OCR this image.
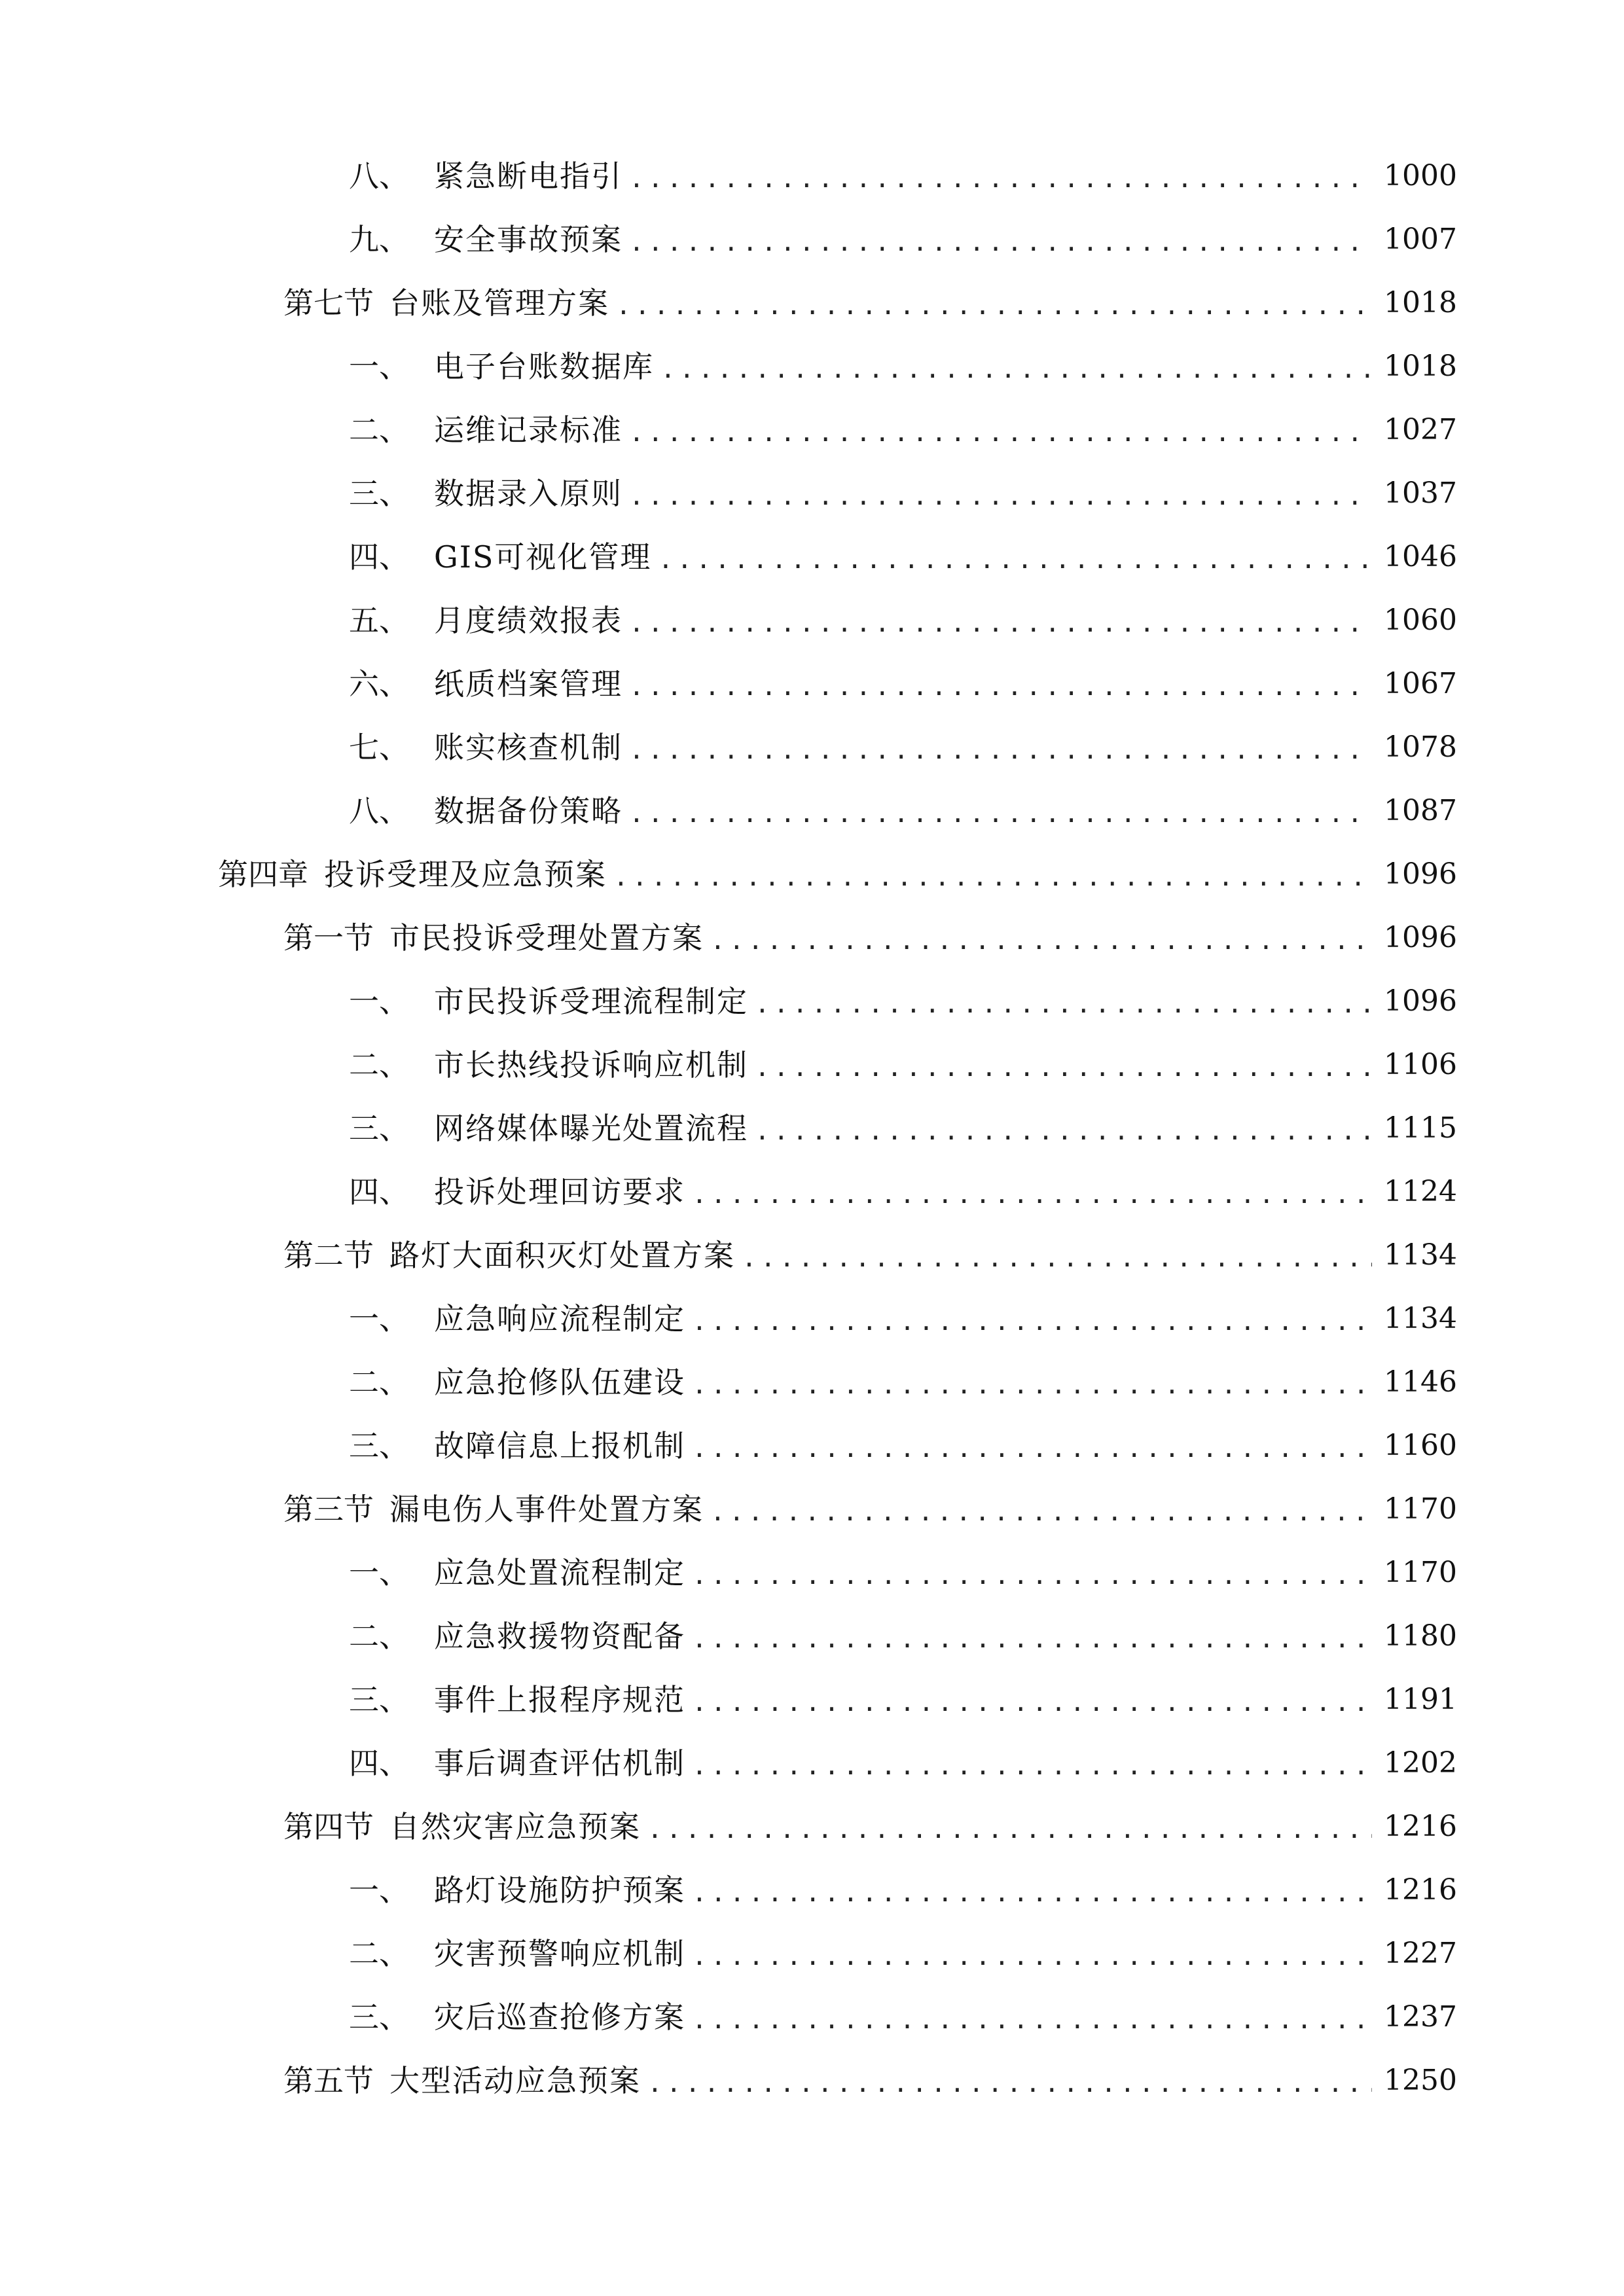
八、 紧急断电指引 .....	1000
九、 安全事故预案 .....	1007
第七节 台账及管理方案 .....	1018
一、 电子台账数据库 .....	1018
二、 运维记录标准 .....	1027
三、 数据录入原则 .....	1037
四、 GIS可视化管理 .....	1046
五、 月度绩效报表 .....	1060
六、 纸质档案管理 .....	1067
七、 账实核查机制 .....	1078
八、 数据备份策略 .....	1087
第四章 投诉受理及应急预案 .....	1096
第一节 市民投诉受理处置方案 .....	1096
一、 市民投诉受理流程制定 .....	1096
二、 市长热线投诉响应机制 .....	1106
三、 网络媒体曝光处置流程 .....	1115
四、 投诉处理回访要求 .....	1124
第二节 路灯大面积灭灯处置方案 .....	1134
一、 应急响应流程制定 .....	1134
二、 应急抢修队伍建设 .....	1146
三、 故障信息上报机制 .....	1160
第三节 漏电伤人事件处置方案 .....	1170
一、 应急处置流程制定 .....	1170
二、 应急救援物资配备 .....	1180
三、 事件上报程序规范 .....	1191
四、 事后调查评估机制 .....	1202
第四节 自然灾害应急预案 .....	1216
一、 路灯设施防护预案 .....	1216
二、 灾害预警响应机制 .....	1227
三、 灾后巡查抢修方案 .....	1237
第五节 大型活动应急预案 .....	1250
